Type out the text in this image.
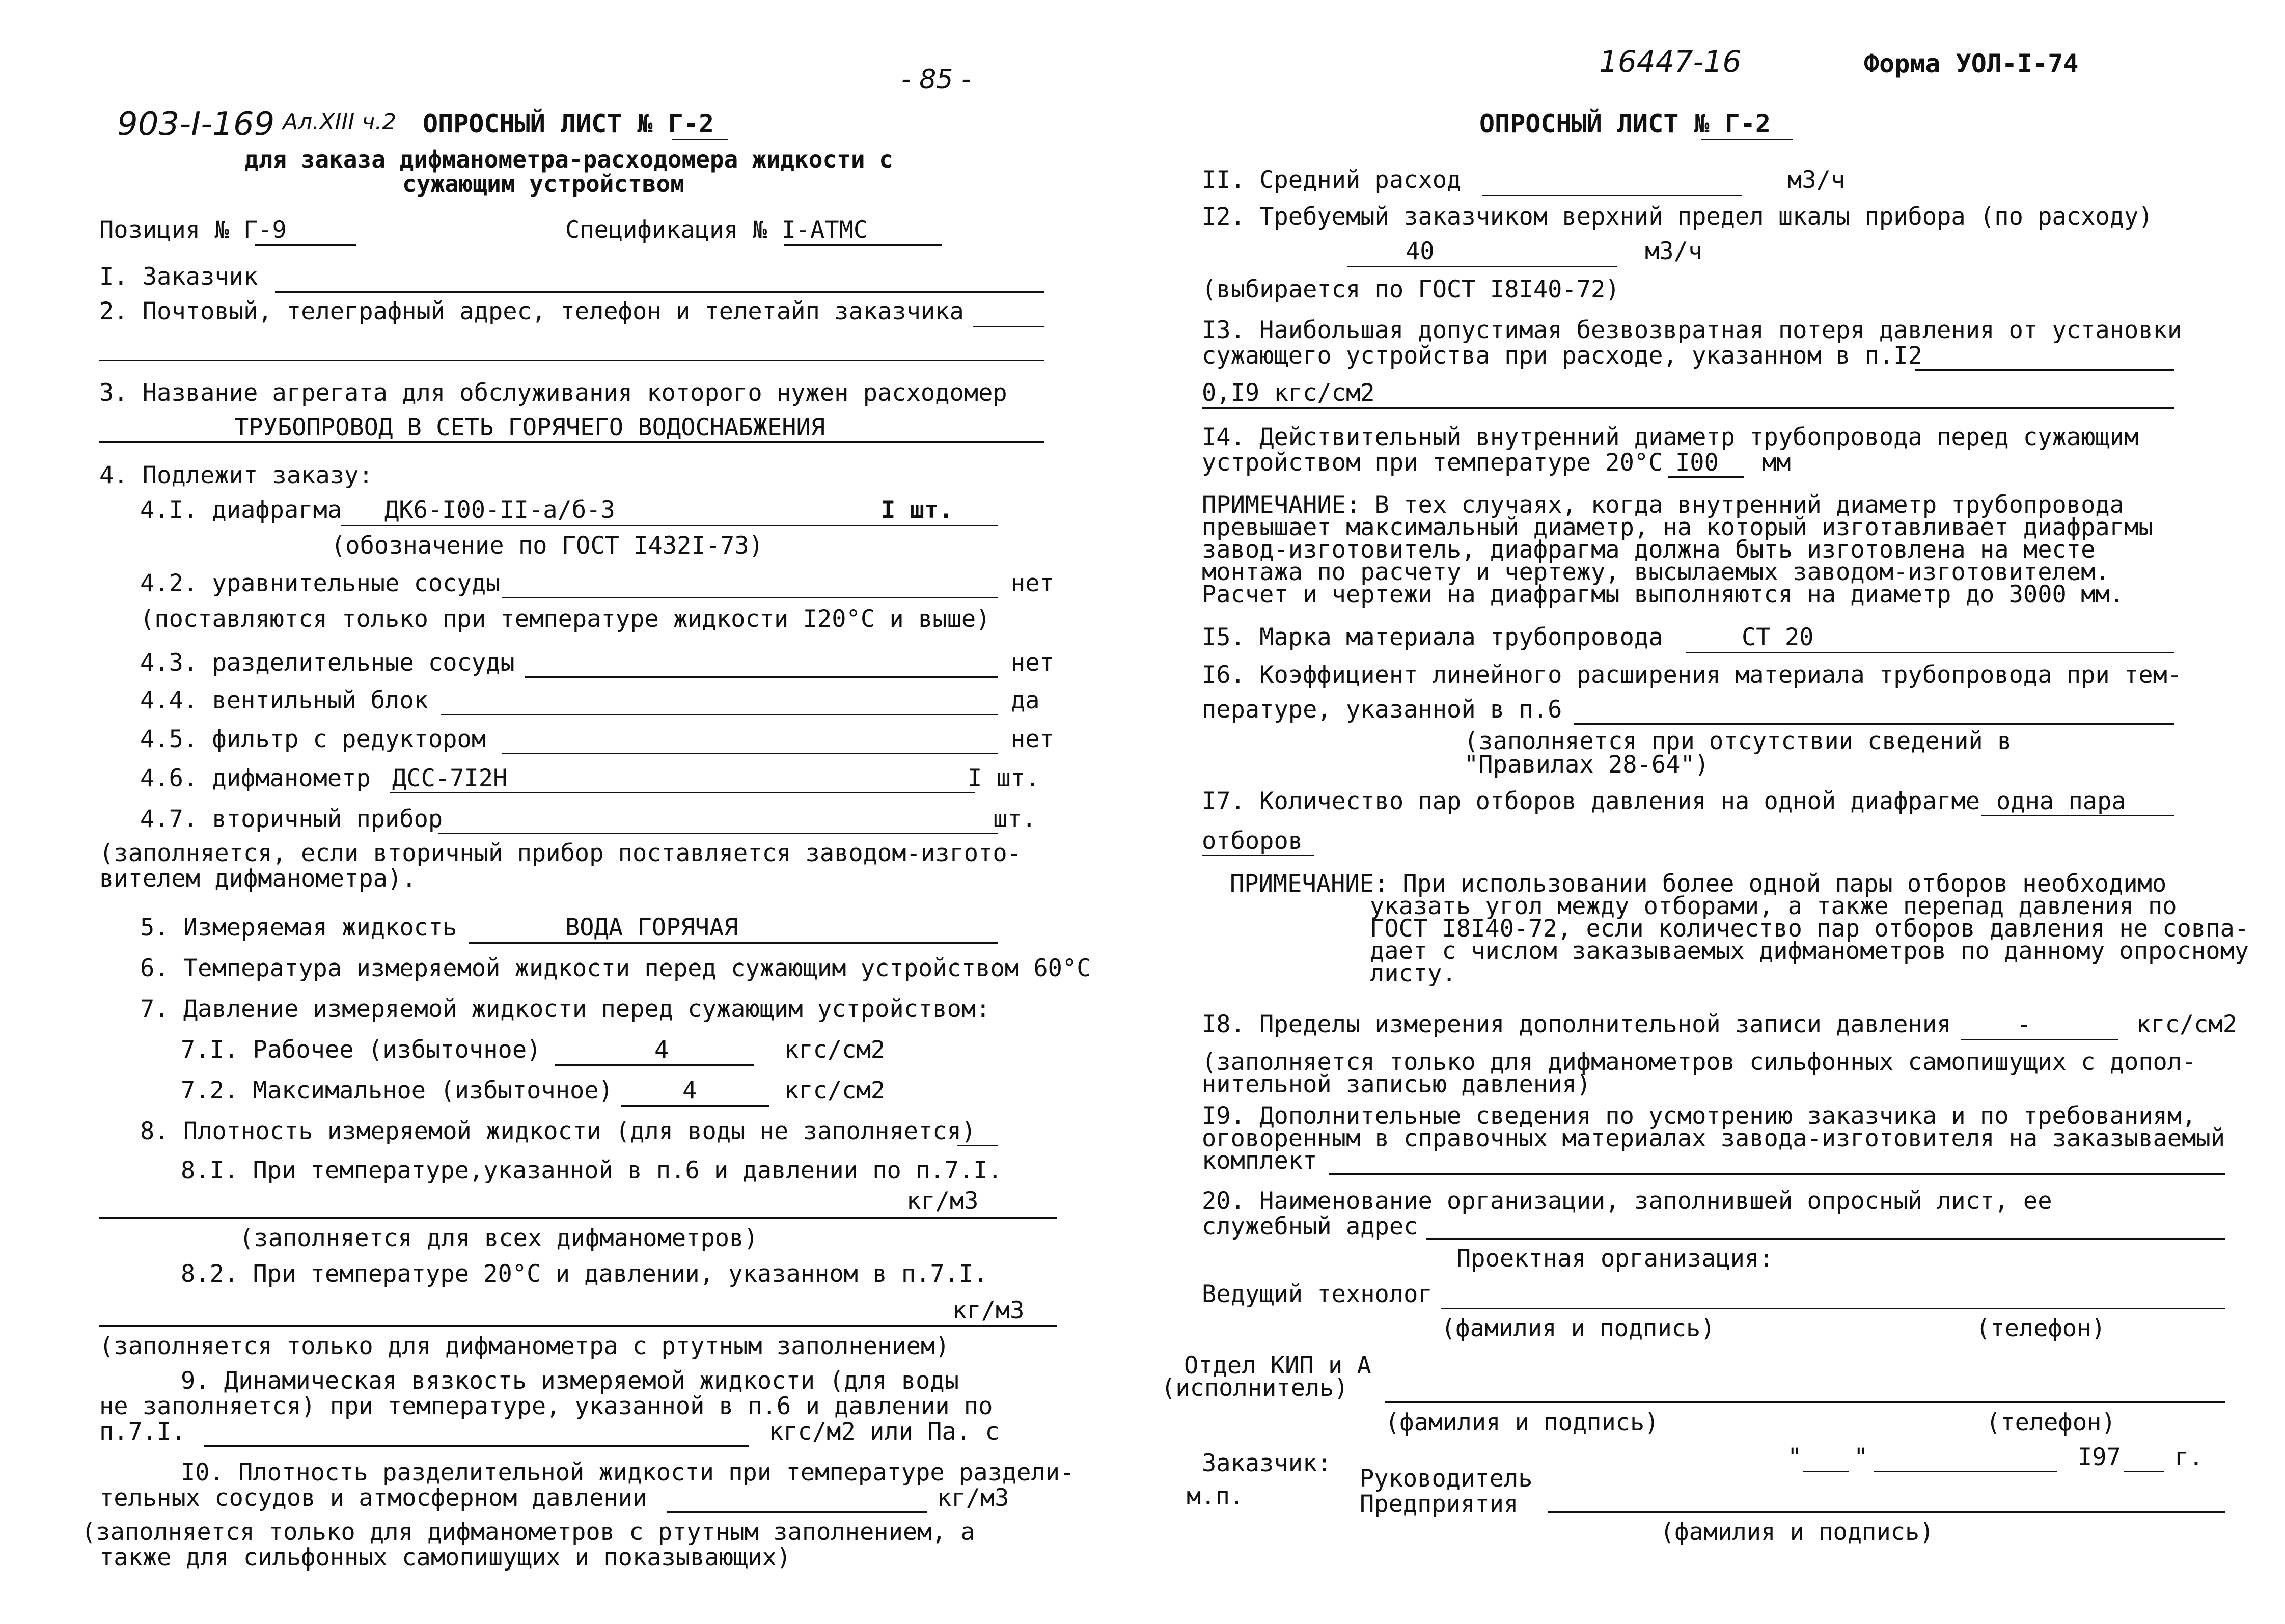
- 85 -
16447-16	Форма УОЛ-I-74
903-I-169 Ал.XIII ч.2 ОПРОСНЫЙ ЛИСТ № Г-2
для заказа дифманометра-расходомера жидкости с
сужающим устройством
Позиция № Г-9	Спецификация № I-АТМС
I. Заказчик
2. Почтовый, телеграфный адрес, телефон и телетайп заказчика
3. Название агрегата для обслуживания которого нужен расходомер
ТРУБОПРОВОД В СЕТЬ ГОРЯЧЕГО ВОДОСНАБЖЕНИЯ
4. Подлежит заказу:
4.I. диафрагма ДК6-I00-II-а/б-3	I шт.
(обозначение по ГОСТ I432I-73)
4.2. уравнительные сосуды	нет
(поставляются только при температуре жидкости I20°С и выше)
4.3. разделительные сосуды	нет
4.4. вентильный блок	да
4.5. фильтр с редуктором	нет
4.6. дифманометр ДСС-7I2Н	I шт.
4.7. вторичный прибор	шт.
(заполняется, если вторичный прибор поставляется заводом-изгото-
вителем дифманометра).
5. Измеряемая жидкость	ВОДА ГОРЯЧАЯ
6. Температура измеряемой жидкости перед сужающим устройством 60°С
7. Давление измеряемой жидкости перед сужающим устройством:
7.I. Рабочее (избыточное)	4	кгс/см2
7.2. Максимальное (избыточное)	4	кгс/см2
8. Плотность измеряемой жидкости (для воды не заполняется)
8.I. При температуре,указанной в п.6 и давлении по п.7.I.
кг/м3
(заполняется для всех дифманометров)
8.2. При температуре 20°С и давлении, указанном в п.7.I.
кг/м3
(заполняется только для дифманометра с ртутным заполнением)
9. Динамическая вязкость измеряемой жидкости (для воды
не заполняется) при температуре, указанной в п.6 и давлении по
п.7.I.	кгс/м2 или Па. с
I0. Плотность разделительной жидкости при температуре раздели-
тельных сосудов и атмосферном давлении	кг/м3
(заполняется только для дифманометров с ртутным заполнением, а
также для сильфонных самопишущих и показывающих)
ОПРОСНЫЙ ЛИСТ № Г-2
II. Средний расход	м3/ч
I2. Требуемый заказчиком верхний предел шкалы прибора (по расходу)
40	м3/ч
(выбирается по ГОСТ I8I40-72)
I3. Наибольшая допустимая безвозвратная потеря давления от установки
сужающего устройства при расходе, указанном в п.I2
0,I9 кгс/см2
I4. Действительный внутренний диаметр трубопровода перед сужающим
устройством при температуре 20°С I00 мм
ПРИМЕЧАНИЕ: В тех случаях, когда внутренний диаметр трубопровода
превышает максимальный диаметр, на который изготавливает диафрагмы
завод-изготовитель, диафрагма должна быть изготовлена на месте
монтажа по расчету и чертежу, высылаемых заводом-изготовителем.
Расчет и чертежи на диафрагмы выполняются на диаметр до 3000 мм.
I5. Марка материала трубопровода	СТ 20
I6. Коэффициент линейного расширения материала трубопровода при тем-
пературе, указанной в п.6
(заполняется при отсутствии сведений в
"Правилах 28-64")
I7. Количество пар отборов давления на одной диафрагме одна пара
отборов
ПРИМЕЧАНИЕ: При использовании более одной пары отборов необходимо
указать угол между отборами, а также перепад давления по
ГОСТ I8I40-72, если количество пар отборов давления не совпа-
дает с числом заказываемых дифманометров по данному опросному
листу.
I8. Пределы измерения дополнительной записи давления	-	кгс/см2
(заполняется только для дифманометров сильфонных самопишущих с допол-
нительной записью давления)
I9. Дополнительные сведения по усмотрению заказчика и по требованиям,
оговоренным в справочных материалах завода-изготовителя на заказываемый
комплект
20. Наименование организации, заполнившей опросный лист, ее
служебный адрес
Проектная организация:
Ведущий технолог
(фамилия и подпись)	(телефон)
Отдел КИП и А
(исполнитель)
(фамилия и подпись)	(телефон)
Заказчик:
м.п.
Руководитель
Предприятия
" "	I97 г.
(фамилия и подпись)
